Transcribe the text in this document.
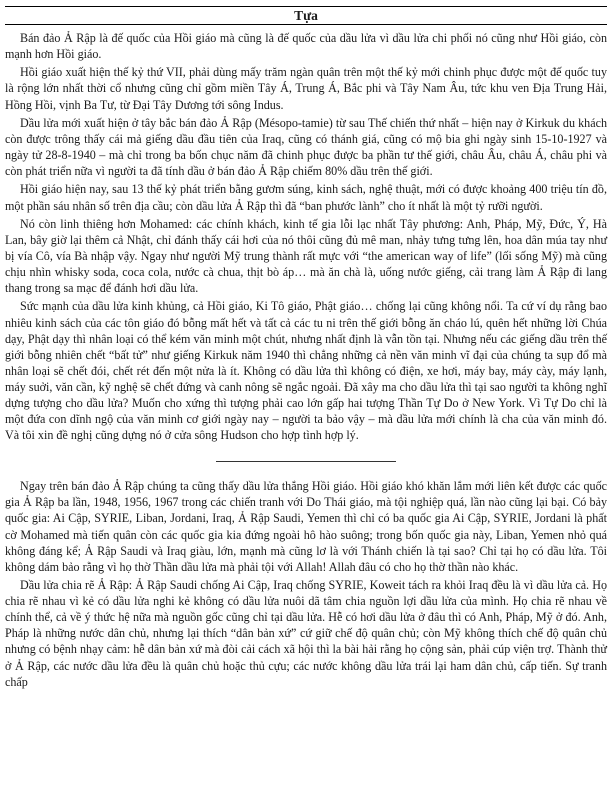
Tựa

Bán đảo Ả Rập là đế quốc của Hồi giáo mà cũng là đế quốc của dầu lửa vì dầu lửa chi phối nó cũng như Hồi giáo, còn mạnh hơn Hồi giáo.

Hồi giáo xuất hiện thế kỷ thứ VII, phải dùng mấy trăm ngàn quân trên một thế kỷ mới chinh phục được một đế quốc tuy là rộng lớn nhất thời cổ nhưng cũng chỉ gồm miền Tây Á, Trung Á, Bắc phi và Tây Nam Âu, tức khu ven Địa Trung Hải, Hồng Hồi, vịnh Ba Tư, từ Đại Tây Dương tới sông Indus.

Dầu lửa mới xuất hiện ở tây bắc bán đảo Ả Rập (Mésopo-tamie) từ sau Thế chiến thứ nhất – hiện nay ở Kirkuk du khách còn được trông thấy cái mả giếng dầu đầu tiên của Iraq, cũng có thánh giá, cũng có mộ bia ghi ngày sinh 15-10-1927 và ngày tử 28-8-1940 – mà chỉ trong ba bốn chục năm đã chinh phục được ba phần tư thế giới, châu Âu, châu Á, châu phi và còn phát triển nữa vì người ta đã tính dầu ở bán đảo Ả Rập chiếm 80% dầu trên thế giới.

Hồi giáo hiện nay, sau 13 thế kỷ phát triển bằng gươm súng, kinh sách, nghệ thuật, mới có được khoảng 400 triệu tín đồ, một phần sáu nhân số trên địa cầu; còn dầu lửa Ả Rập thì đã “ban phước lành” cho ít nhất là một tỷ rưỡi người.

Nó còn linh thiêng hơn Mohamed: các chính khách, kinh tế gia lỗi lạc nhất Tây phương: Anh, Pháp, Mỹ, Đức, Ý, Hà Lan, bây giờ lại thêm cả Nhật, chỉ đánh thấy cái hơi của nó thôi cũng đủ mê man, nhảy tưng tưng lên, hoa dân múa tay như bị vía Cô, vía Bà nhập vậy. Ngay như người Mỹ trung thành rất mực với “the american way of life” (lối sống Mỹ) mà cũng chịu nhìn whisky soda, coca cola, nước cà chua, thịt bò áp… mà ăn chà là, uống nước giếng, cải trang làm Ả Rập đi lang thang trong sa mạc để đánh hơi dầu lửa.

Sức mạnh của dầu lửa kinh khủng, cả Hồi giáo, Ki Tô giáo, Phật giáo… chống lại cũng không nổi. Ta cứ ví dụ rằng bao nhiêu kinh sách của các tôn giáo đó bỗng mất hết và tất cả các tu ni trên thế giới bỗng ăn cháo lú, quên hết những lời Chúa dạy, Phật dạy thì nhân loại có thể kém văn minh một chút, nhưng nhất định là vẫn tồn tại. Nhưng nếu các giếng dầu trên thế giới bỗng nhiên chết “bất tử” như giếng Kirkuk năm 1940 thì chẳng những cả nền văn minh vĩ đại của chúng ta sụp đổ mà nhân loại sẽ chết đói, chết rét đến một nửa là ít. Không có dầu lửa thì không có điện, xe hơi, máy bay, máy cày, máy lạnh, máy suởi, văn cần, kỹ nghệ sẽ chết đứng và canh nông sẽ ngắc ngoải. Đã xây ma cho dầu lửa thì tại sao người ta không nghĩ dựng tượng cho dầu lửa? Muốn cho xứng thì tượng phải cao lớn gấp hai tượng Thần Tự Do ở New York. Vì Tự Do chỉ là một đứa con dĩnh ngộ của văn minh cơ giới ngày nay – người ta bảo vậy – mà dầu lửa mới chính là cha của văn minh đó. Và tôi xin đề nghị cũng dựng nó ở cửa sông Hudson cho hợp tình hợp lý.

Ngay trên bán đảo Ả Rập chúng ta cũng thấy dầu lửa thắng Hồi giáo. Hồi giáo khó khăn lắm mới liên kết được các quốc gia Ả Rập ba lần, 1948, 1956, 1967 trong các chiến tranh với Do Thái giáo, mà tội nghiệp quá, lần nào cũng lại bại. Có bảy quốc gia: Ai Cập, SYRIE, Liban, Jordani, Iraq, Ả Rập Saudi, Yemen thì chỉ có ba quốc gia Ai Cập, SYRIE, Jordani là phất cờ Mohamed mà tiến quân còn các quốc gia kia đứng ngoài hô hào suông; trong bốn quốc gia này, Liban, Yemen nhỏ quá không đáng kể; Ả Rập Saudi và Iraq giàu, lớn, mạnh mà cũng lơ là với Thánh chiến là tại sao? Chỉ tại họ có dầu lửa. Tôi không dám bảo rằng vì họ thờ Thần dầu lửa mà phải tội với Allah! Allah đâu có cho họ thờ thần nào khác.

Dầu lửa chia rẽ Ả Rập: Ả Rập Saudi chống Ai Cập, Iraq chống SYRIE, Koweit tách ra khỏi Iraq đều là vì dầu lửa cả. Họ chia rẽ nhau vì kẻ có dầu lửa nghi kẻ không có dầu lửa nuôi dã tâm chia nguồn lợi dầu lửa của mình. Họ chia rẽ nhau về chính thể, cả về ý thức hệ nữa mà nguồn gốc cũng chỉ tại dầu lửa. Hễ có hơi dầu lửa ở đâu thì có Anh, Pháp, Mỹ ở đó. Anh, Pháp là những nước dân chủ, nhưng lại thích “dân bản xứ” cứ giữ chế độ quân chủ; còn Mỹ không thích chế độ quân chủ nhưng có bệnh nhạy cảm: hễ dân bản xứ mà đòi cải cách xã hội thì la bài hải rằng họ cộng sản, phải cúp viện trợ. Thành thử ở Ả Rập, các nước dầu lửa đều là quân chủ hoặc thủ cựu; các nước không dầu lửa trái lại ham dân chủ, cấp tiến. Sự tranh chấp
